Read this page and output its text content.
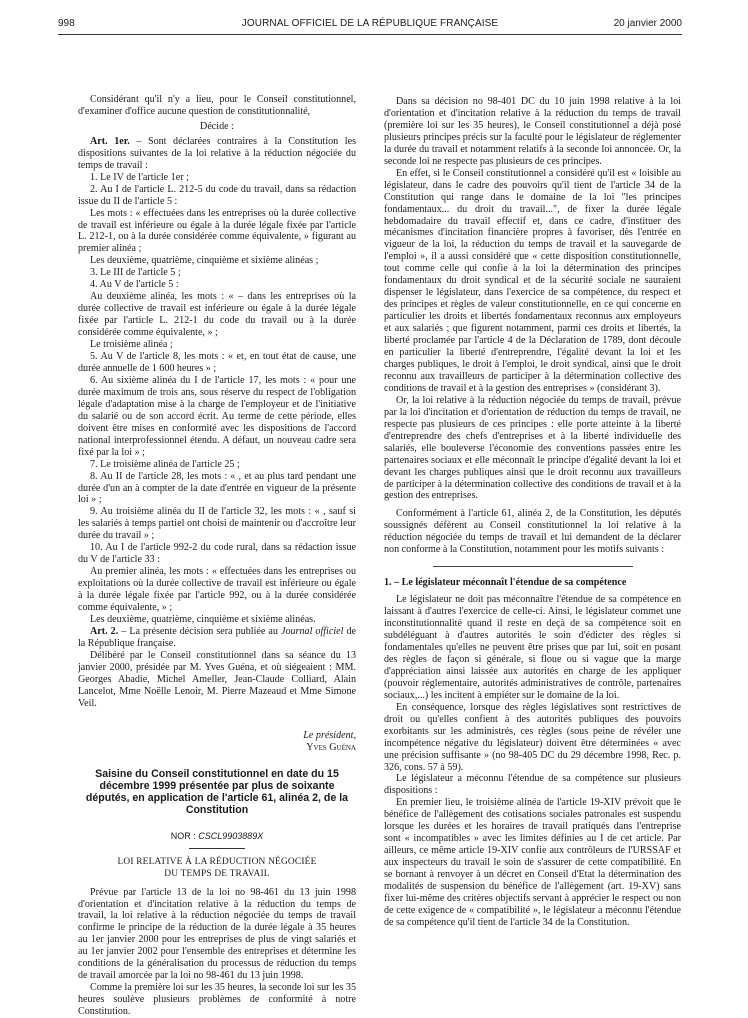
998	JOURNAL OFFICIEL DE LA RÉPUBLIQUE FRANÇAISE	20 janvier 2000

Considérant qu'il n'y a lieu, pour le Conseil constitutionnel, d'examiner d'office aucune question de constitutionnalité,

Décide :

Art. 1er. – Sont déclarées contraires à la Constitution les dispositions suivantes de la loi relative à la réduction négociée du temps de travail :

1. Le IV de l'article 1er ;

2. Au I de l'article L. 212-5 du code du travail, dans sa rédaction issue du II de l'article 5 :

Les mots : « effectuées dans les entreprises où la durée collective de travail est inférieure ou égale à la durée légale fixée par l'article L. 212-1, ou à la durée considérée comme équivalente, » figurant au premier alinéa ;

Les deuxième, quatrième, cinquième et sixième alinéas ;

3. Le III de l'article 5 ;

4. Au V de l'article 5 :

Au deuxième alinéa, les mots : « – dans les entreprises où la durée collective de travail est inférieure ou égale à la durée légale fixée par l'article L. 212-1 du code du travail ou à la durée considérée comme équivalente, » ;

Le troisième alinéa ;

5. Au V de l'article 8, les mots : « et, en tout état de cause, une durée annuelle de 1 600 heures » ;

6. Au sixième alinéa du I de l'article 17, les mots : « pour une durée maximum de trois ans, sous réserve du respect de l'obligation légale d'adaptation mise à la charge de l'employeur et de l'initiative du salarié ou de son accord écrit. Au terme de cette période, elles doivent être mises en conformité avec les dispositions de l'accord national interprofessionnel étendu. A défaut, un nouveau cadre sera fixé par la loi » ;

7. Le troisième alinéa de l'article 25 ;

8. Au II de l'article 28, les mots : « , et au plus tard pendant une durée d'un an à compter de la date d'entrée en vigueur de la présente loi » ;

9. Au troisième alinéa du II de l'article 32, les mots : « , sauf si les salariés à temps partiel ont choisi de maintenir ou d'accroître leur durée du travail » ;

10. Au I de l'article 992-2 du code rural, dans sa rédaction issue du V de l'article 33 :

Au premier alinéa, les mots : « effectuées dans les entreprises ou exploitations où la durée collective de travail est inférieure ou égale à la durée légale fixée par l'article 992, ou à la durée considérée comme équivalente, » ;

Les deuxième, quatrième, cinquième et sixième alinéas.

Art. 2. – La présente décision sera publiée au Journal officiel de la République française.

Délibéré par le Conseil constitutionnel dans sa séance du 13 janvier 2000, présidée par M. Yves Guéna, et où siégeaient : MM. Georges Abadie, Michel Ameller, Jean-Claude Colliard, Alain Lancelot, Mme Noëlle Lenoir, M. Pierre Mazeaud et Mme Simone Veil.

Le président,

Yves Guéna

Saisine du Conseil constitutionnel en date du 15 décembre 1999 présentée par plus de soixante députés, en application de l'article 61, alinéa 2, de la Constitution

NOR : CSCL9903889X

LOI RELATIVE À LA RÉDUCTION NÉGOCIÉE

DU TEMPS DE TRAVAIL

Prévue par l'article 13 de la loi no 98-461 du 13 juin 1998 d'orientation et d'incitation relative à la réduction du temps de travail, la loi relative à la réduction négociée du temps de travail confirme le principe de la réduction de la durée légale à 35 heures au 1er janvier 2000 pour les entreprises de plus de vingt salariés et au 1er janvier 2002 pour l'ensemble des entreprises et détermine les conditions de la généralisation du processus de réduction du temps de travail amorcée par la loi no 98-461 du 13 juin 1998.

Comme la première loi sur les 35 heures, la seconde loi sur les 35 heures soulève plusieurs problèmes de conformité à notre Constitution.

Dans sa décision no 98-401 DC du 10 juin 1998 relative à la loi d'orientation et d'incitation relative à la réduction du temps de travail (première loi sur les 35 heures), le Conseil constitutionnel a déjà posé plusieurs principes précis sur la faculté pour le législateur de réglementer la durée du travail et notamment relatifs à la seconde loi annoncée. Or, la seconde loi ne respecte pas plusieurs de ces principes.

En effet, si le Conseil constitutionnel a considéré qu'il est « loisible au législateur, dans le cadre des pouvoirs qu'il tient de l'article 34 de la Constitution qui range dans le domaine de la loi "les principes fondamentaux... du droit du travail...", de fixer la durée légale hebdomadaire du travail effectif et, dans ce cadre, d'instituer des mécanismes d'incitation financière propres à favoriser, dès l'entrée en vigueur de la loi, la réduction du temps de travail et la sauvegarde de l'emploi », il a aussi considéré que « cette disposition constitutionnelle, tout comme celle qui confie à la loi la détermination des principes fondamentaux du droit syndical et de la sécurité sociale ne sauraient dispenser le législateur, dans l'exercice de sa compétence, du respect et des principes et règles de valeur constitutionnelle, en ce qui concerne en particulier les droits et libertés fondamentaux reconnus aux employeurs et aux salariés ; que figurent notamment, parmi ces droits et libertés, la liberté proclamée par l'article 4 de la Déclaration de 1789, dont découle en particulier la liberté d'entreprendre, l'égalité devant la loi et les charges publiques, le droit à l'emploi, le droit syndical, ainsi que le droit reconnu aux travailleurs de participer à la détermination collective des conditions de travail et à la gestion des entreprises » (considérant 3).

Or, la loi relative à la réduction négociée du temps de travail, prévue par la loi d'incitation et d'orientation de réduction du temps de travail, ne respecte pas plusieurs de ces principes : elle porte atteinte à la liberté d'entreprendre des chefs d'entreprises et à la liberté individuelle des salariés, elle bouleverse l'économie des conventions passées entre les partenaires sociaux et elle méconnaît le principe d'égalité devant la loi et devant les charges publiques ainsi que le droit reconnu aux travailleurs de participer à la détermination collective des conditions de travail et à la gestion des entreprises.

Conformément à l'article 61, alinéa 2, de la Constitution, les députés soussignés défèrent au Conseil constitutionnel la loi relative à la réduction négociée du temps de travail et lui demandent de la déclarer non conforme à la Constitution, notamment pour les motifs suivants :

1. – Le législateur méconnaît l'étendue de sa compétence

Le législateur ne doit pas méconnaître l'étendue de sa compétence en laissant à d'autres l'exercice de celle-ci. Ainsi, le législateur commet une inconstitutionnalité quand il reste en deçà de sa compétence soit en subdéléguant à d'autres autorités le soin d'édicter des règles si fondamentales qu'elles ne peuvent être prises que par lui, soit en posant des règles de façon si générale, si floue ou si vague que la marge d'appréciation ainsi laissée aux autorités en charge de les appliquer (pouvoir réglementaire, autorités administratives de contrôle, partenaires sociaux,...) les incitent à empiéter sur le domaine de la loi.

En conséquence, lorsque des règles législatives sont restrictives de droit ou qu'elles confient à des autorités publiques des pouvoirs exorbitants sur les administrés, ces règles (sous peine de révéler une incompétence négative du législateur) doivent être déterminées « avec une précision suffisante » (no 98-405 DC du 29 décembre 1998, Rec. p. 326, cons. 57 à 59).

Le législateur a méconnu l'étendue de sa compétence sur plusieurs dispositions :

En premier lieu, le troisième alinéa de l'article 19-XIV prévoit que le bénéfice de l'allègement des cotisations sociales patronales est suspendu lorsque les durées et les horaires de travail pratiqués dans l'entreprise sont « incompatibles » avec les limites définies au I de cet article. Par ailleurs, ce même article 19-XIV confie aux contrôleurs de l'URSSAF et aux inspecteurs du travail le soin de s'assurer de cette compatibilité. En se bornant à renvoyer à un décret en Conseil d'Etat la détermination des modalités de suspension du bénéfice de l'allègement (art. 19-XV) sans fixer lui-même des critères objectifs servant à apprécier le respect ou non de cette exigence de « compatibilité », le législateur a méconnu l'étendue de sa compétence qu'il tient de l'article 34 de la Constitution.
